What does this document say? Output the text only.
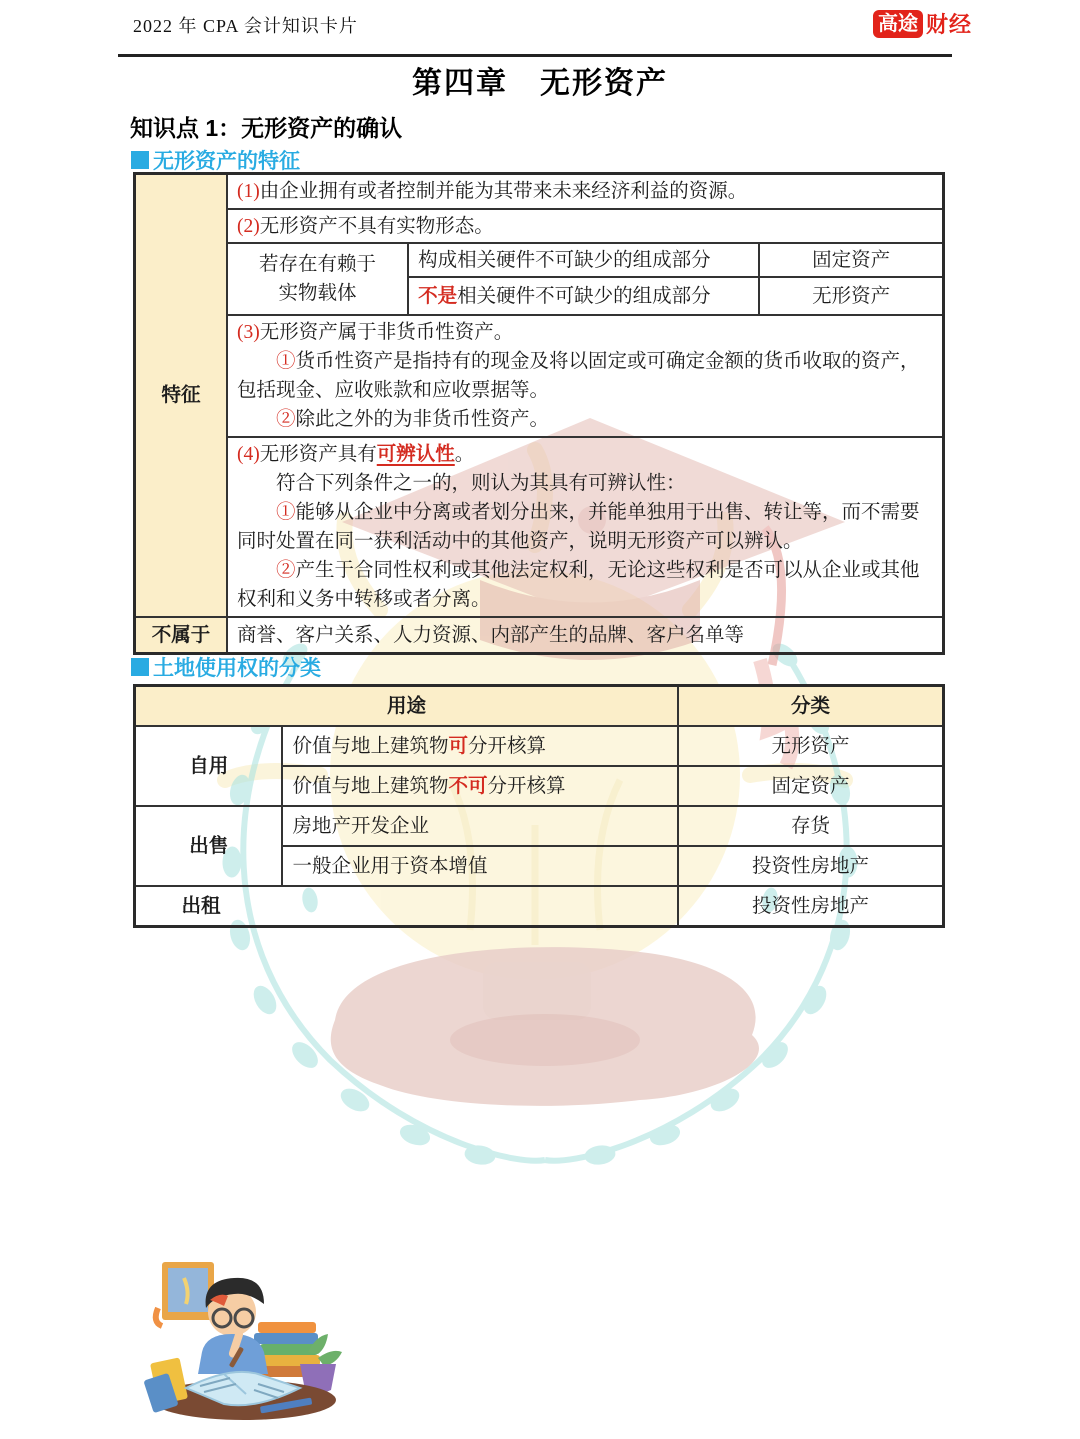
2022 年 CPA 会计知识卡片	高途 财经
第四章　无形资产
知识点 1：无形资产的确认
无形资产的特征
特征	(1)由企业拥有或者控制并能为其带来未来经济利益的资源。		

	(2)无形资产不具有实物形态。		

	若存在有赖于

实物载体	构成相关硬件不可缺少的组成部分	固定资产

		不是相关硬件不可缺少的组成部分	无形资产

	(3)无形资产属于非货币性资产。

①货币性资产是指持有的现金及将以固定或可确定金额的货币收取的资产，包括现金、应收账款和应收票据等。

②除此之外的为非货币性资产。		

	(4)无形资产具有可辨认性。

符合下列条件之一的，则认为其具有可辨认性：

①能够从企业中分离或者划分出来，并能单独用于出售、转让等，而不需要同时处置在同一获利活动中的其他资产，说明无形资产可以辨认。

②产生于合同性权利或其他法定权利，无论这些权利是否可以从企业或其他权利和义务中转移或者分离。		

不属于	商誉、客户关系、人力资源、内部产生的品牌、客户名单等		

土地使用权的分类
用途		分类
自用	价值与地上建筑物可分开核算	无形资产

	价值与地上建筑物不可分开核算	固定资产
出售	房地产开发企业	存货

	一般企业用于资本增值	投资性房地产

出租		投资性房地产
